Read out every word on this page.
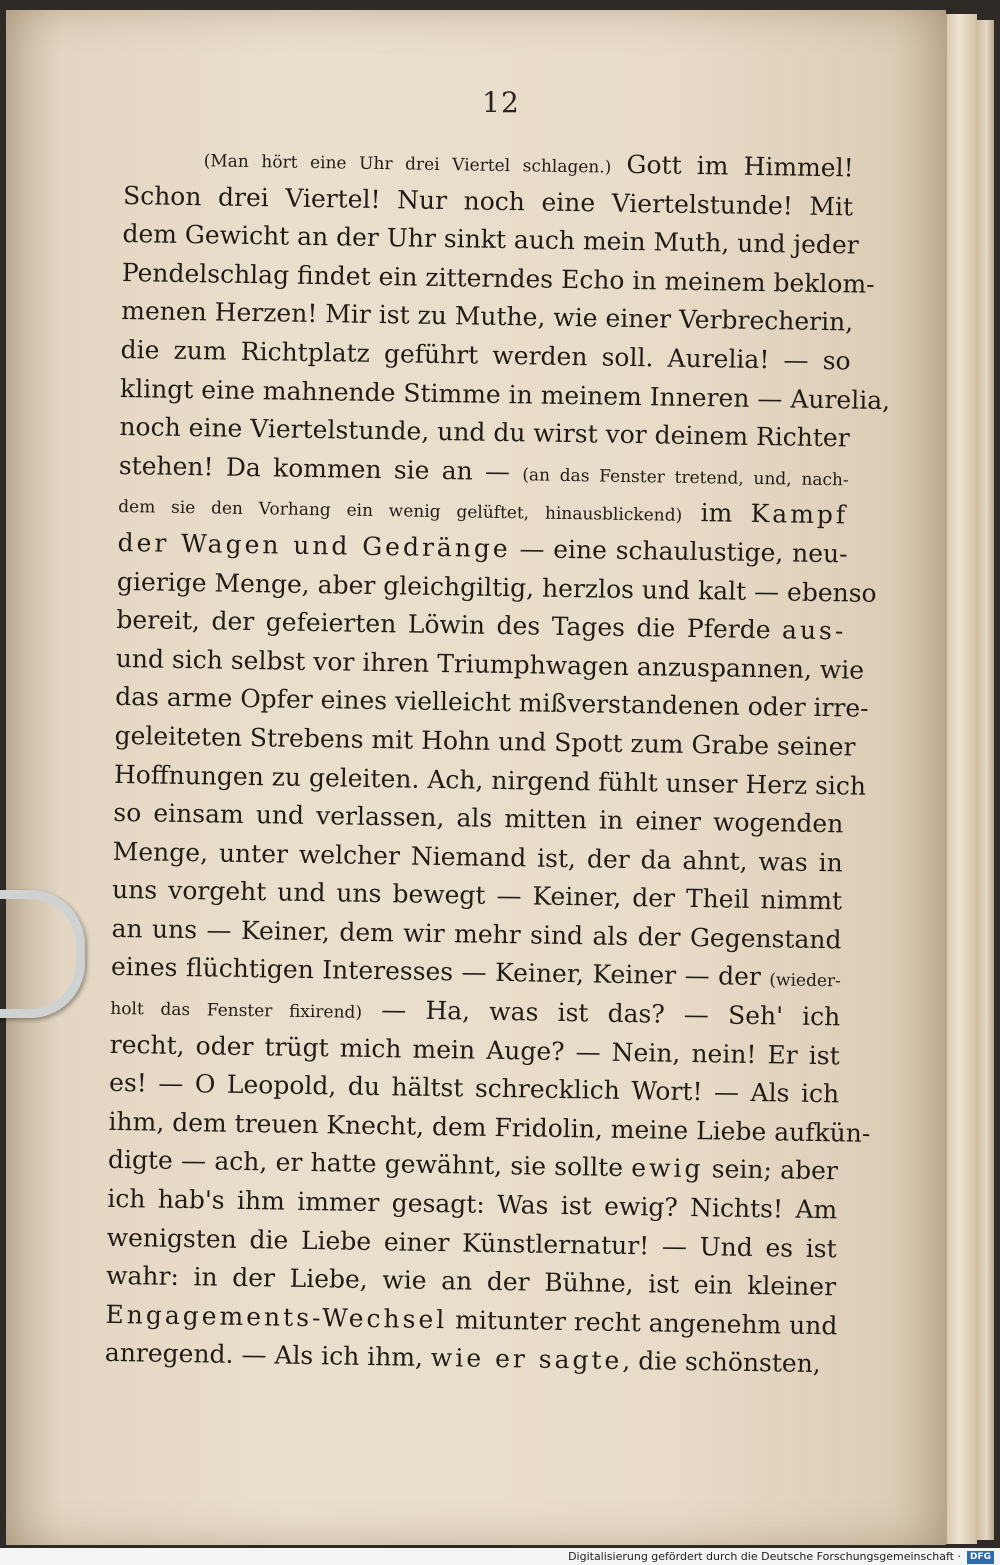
12
(Man hört eine Uhr drei Viertel schlagen.) Gott im Himmel!
Schon drei Viertel! Nur noch eine Viertelstunde! Mit
dem Gewicht an der Uhr sinkt auch mein Muth, und jeder
Pendelschlag findet ein zitterndes Echo in meinem beklom-
menen Herzen! Mir ist zu Muthe, wie einer Verbrecherin,
die zum Richtplatz geführt werden soll. Aurelia! — so
klingt eine mahnende Stimme in meinem Inneren — Aurelia,
noch eine Viertelstunde, und du wirst vor deinem Richter
stehen! Da kommen sie an — (an das Fenster tretend, und, nach-
dem sie den Vorhang ein wenig gelüftet, hinausblickend) im Kampf
der Wagen und Gedränge — eine schaulustige, neu-
gierige Menge, aber gleichgiltig, herzlos und kalt — ebenso
bereit, der gefeierten Löwin des Tages die Pferde aus-
und sich selbst vor ihren Triumphwagen anzuspannen, wie
das arme Opfer eines vielleicht mißverstandenen oder irre-
geleiteten Strebens mit Hohn und Spott zum Grabe seiner
Hoffnungen zu geleiten. Ach, nirgend fühlt unser Herz sich
so einsam und verlassen, als mitten in einer wogenden
Menge, unter welcher Niemand ist, der da ahnt, was in
uns vorgeht und uns bewegt — Keiner, der Theil nimmt
an uns — Keiner, dem wir mehr sind als der Gegenstand
eines flüchtigen Interesses — Keiner, Keiner — der (wieder-
holt das Fenster fixirend) — Ha, was ist das? — Seh' ich
recht, oder trügt mich mein Auge? — Nein, nein! Er ist
es! — O Leopold, du hältst schrecklich Wort! — Als ich
ihm, dem treuen Knecht, dem Fridolin, meine Liebe aufkün-
digte — ach, er hatte gewähnt, sie sollte ewig sein; aber
ich hab's ihm immer gesagt: Was ist ewig? Nichts! Am
wenigsten die Liebe einer Künstlernatur! — Und es ist
wahr: in der Liebe, wie an der Bühne, ist ein kleiner
Engagements-Wechsel mitunter recht angenehm und
anregend. — Als ich ihm, wie er sagte, die schönsten,
Digitalisierung gefördert durch die Deutsche Forschungsgemeinschaft · DFG
